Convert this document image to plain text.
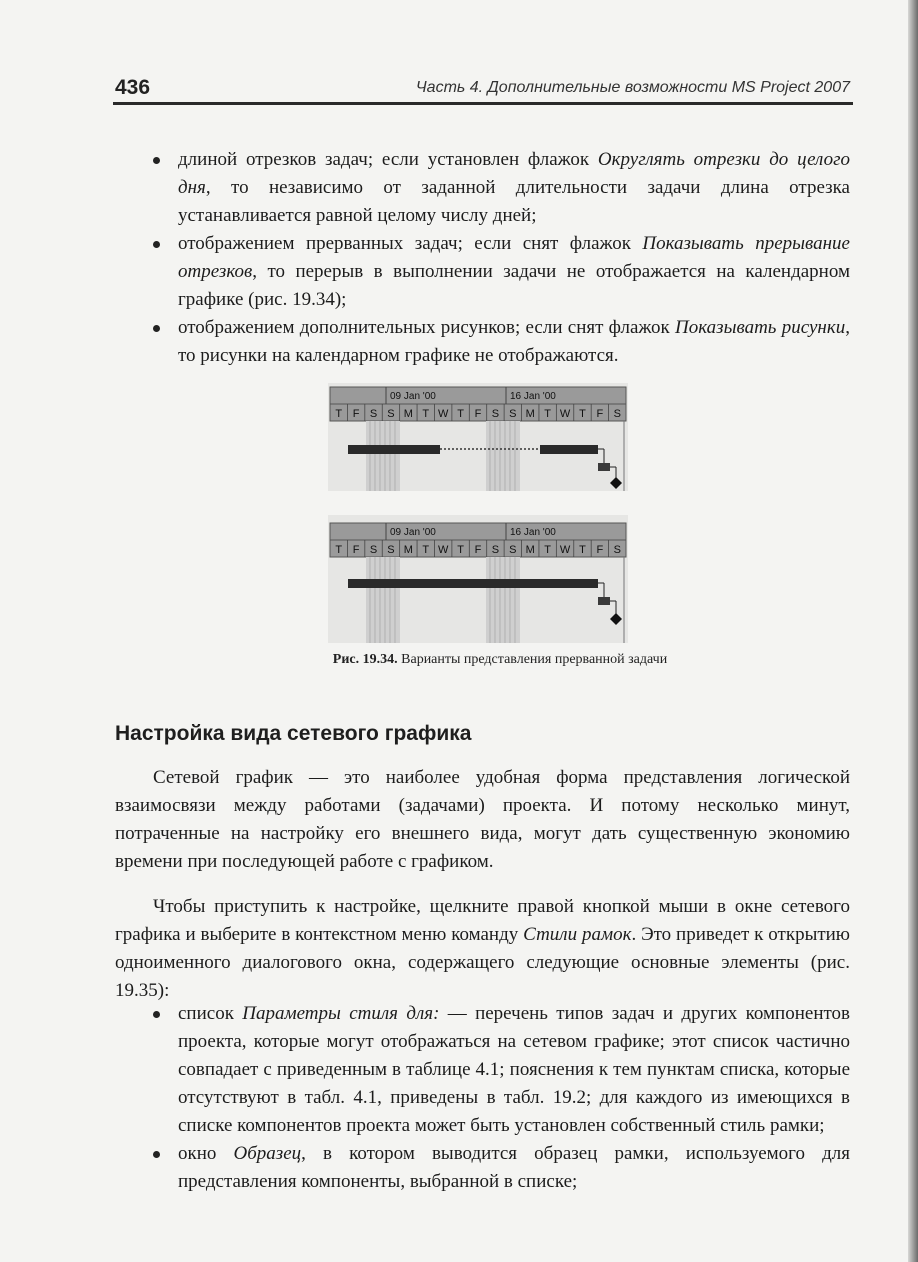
436	Часть 4. Дополнительные возможности MS Project 2007
длиной отрезков задач; если установлен флажок Округлять отрезки до целого дня, то независимо от заданной длительности задачи длина отрезка устанавливается равной целому числу дней;
отображением прерванных задач; если снят флажок Показывать прерывание отрезков, то перерыв в выполнении задачи не отображается на календарном графике (рис. 19.34);
отображением дополнительных рисунков; если снят флажок Показывать рисунки, то рисунки на календарном графике не отображаются.
09 Jan '00	16 Jan '00
T F S S M T W T F S S M T W T F S
09 Jan '00	16 Jan '00
T F S S M T W T F S S M T W T F S
Рис. 19.34. Варианты представления прерванной задачи
Настройка вида сетевого графика

Сетевой график — это наиболее удобная форма представления логической взаимосвязи между работами (задачами) проекта. И потому несколько минут, потраченные на настройку его внешнего вида, могут дать существенную экономию времени при последующей работе с графиком.

Чтобы приступить к настройке, щелкните правой кнопкой мыши в окне сетевого графика и выберите в контекстном меню команду Стили рамок. Это приведет к открытию одноименного диалогового окна, содержащего следующие основные элементы (рис. 19.35):

список Параметры стиля для: — перечень типов задач и других компонентов проекта, которые могут отображаться на сетевом графике; этот список частично совпадает с приведенным в таблице 4.1; пояснения к тем пунктам списка, которые отсутствуют в табл. 4.1, приведены в табл. 19.2; для каждого из имеющихся в списке компонентов проекта может быть установлен собственный стиль рамки;
окно Образец, в котором выводится образец рамки, используемого для представления компоненты, выбранной в списке;
